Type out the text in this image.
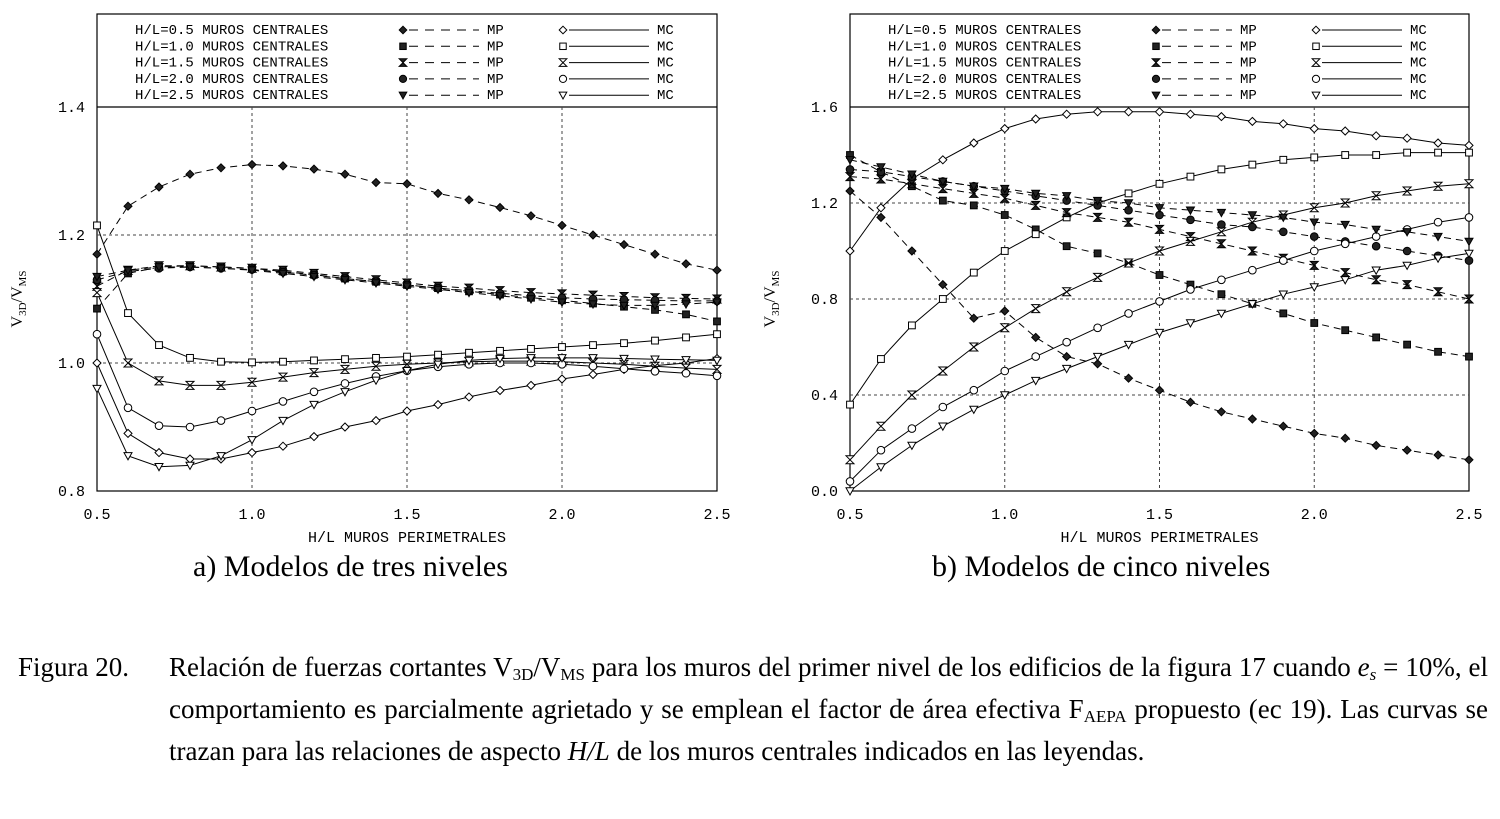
0.5	1.0	1.5	2.0	2.5
0.8
1.0
1.2
1.4
H/L MUROS PERIMETRALES
$V_{3D}/V_{MS}$
H/L=0.5 MUROS CENTRALES	MP	MC
H/L=1.0 MUROS CENTRALES	MP	MC
H/L=1.5 MUROS CENTRALES	MP	MC
H/L=2.0 MUROS CENTRALES	MP	MC
H/L=2.5 MUROS CENTRALES	MP	MC
0.5	1.0	1.5	2.0	2.5
0.0
0.4
0.8
1.2
1.6
H/L MUROS PERIMETRALES
$V_{3D}/V_{MS}$
H/L=0.5 MUROS CENTRALES	MP	MC
H/L=1.0 MUROS CENTRALES	MP	MC
H/L=1.5 MUROS CENTRALES	MP	MC
H/L=2.0 MUROS CENTRALES	MP	MC
H/L=2.5 MUROS CENTRALES	MP	MC
a) Modelos de tres niveles	b) Modelos de cinco niveles
Figura 20. Relación de fuerzas cortantes $V_{3D}/V_{MS}$ para los muros del primer nivel de los edificios de la figura 17 cuando $e_s = 10\%$, el comportamiento es parcialmente agrietado y se emplean el factor de área efectiva $F_{AEPA}$ propuesto (ec 19). Las curvas se trazan para las relaciones de aspecto H/L de los muros centrales indicados en las leyendas.
